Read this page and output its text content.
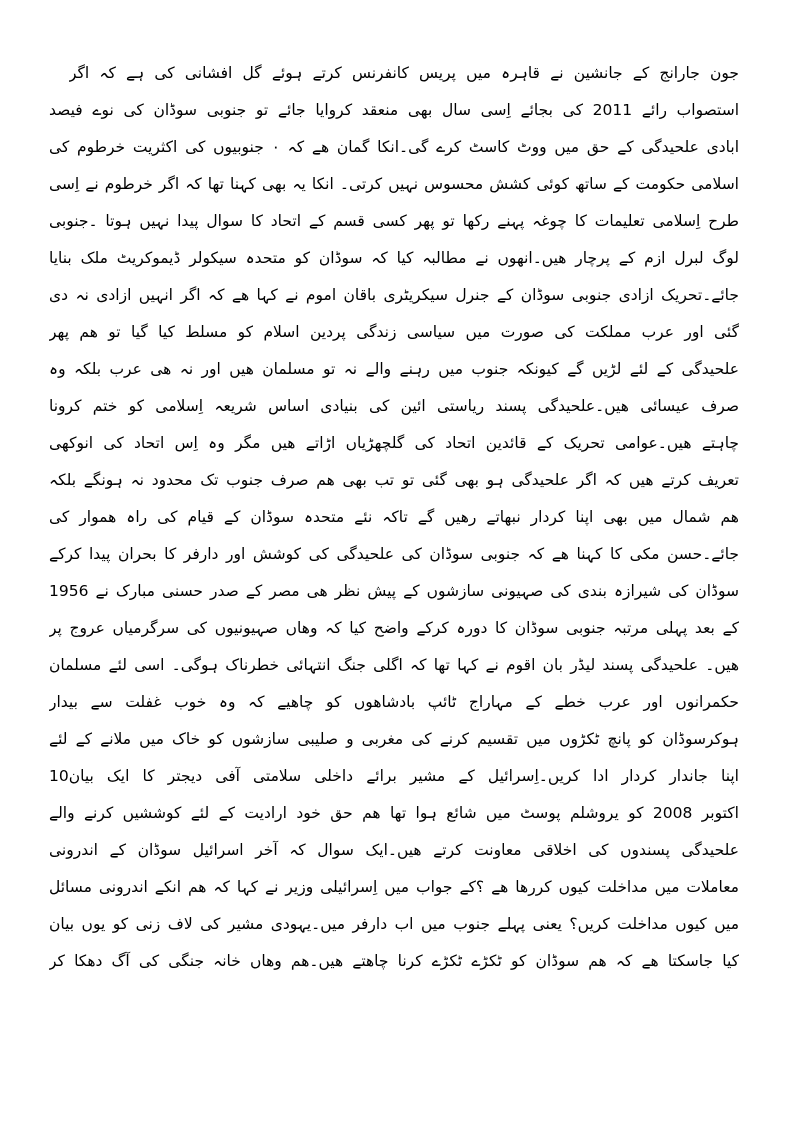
جون جارانج کے جانشین نے قاہرہ میں پریس کانفرنس کرتے ہوئے گل افشانی کی ہے کہ اگر
استصواب رائے 2011 کی بجائے اِسی سال بھی منعقد کروایا جائے تو جنوبی سوڈان کی نوے فیصد
ابادی علحیدگی کے حق میں ووٹ کاسٹ کرے گی۔انکا گمان ھے کہ ۰ جنوبیوں کی اکثریت خرطوم کی
اسلامی حکومت کے ساتھ کوئی کشش محسوس نہیں کرتی۔ انکا یہ بھی کہنا تھا کہ اگر خرطوم نے اِسی
طرح اِسلامی تعلیمات کا چوغہ پہنے رکھا تو پھر کسی قسم کے اتحاد کا سوال پیدا نہیں ہوتا ۔جنوبی
لوگ لبرل ازم کے پرچار ھیں۔انھوں نے مطالبہ کیا کہ سوڈان کو متحدہ سیکولر ڈیموکریٹ ملک بنایا
جائے۔تحریک ازادی جنوبی سوڈان کے جنرل سیکریٹری باقان اموم نے کہا ھے کہ اگر انہیں ازادی نہ دی
گئی اور عرب مملکت کی صورت میں سیاسی زندگی پردین اسلام کو مسلط کیا گیا تو ھم پھر
علحیدگی کے لئے لڑیں گے کیونکہ جنوب میں رہنے والے نہ تو مسلمان ھیں اور نہ ھی عرب بلکہ وہ
صرف عیسائی ھیں۔علحیدگی پسند ریاستی ائین کی بنیادی اساس شریعہ اِسلامی کو ختم کرونا
چاہتے ھیں۔عوامی تحریک کے قائدین اتحاد کی گلچھڑیاں اڑاتے ھیں مگر وہ اِس اتحاد کی انوکھی
تعریف کرتے ھیں کہ اگر علحیدگی ہو بھی گئی تو تب بھی ھم صرف جنوب تک محدود نہ ہونگے بلکہ
ھم شمال میں بھی اپنا کردار نبھاتے رھیں گے تاکہ نئے متحدہ سوڈان کے قیام کی راہ ھموار کی
جائے۔حسن مکی کا کہنا ھے کہ جنوبی سوڈان کی علحیدگی کی کوشش اور دارفر کا بحران پیدا کرکے
سوڈان کی شیرازہ بندی کی صہیونی سازشوں کے پیش نظر ھی مصر کے صدر حسنی مبارک نے 1956
کے بعد پہلی مرتبہ جنوبی سوڈان کا دورہ کرکے واضح کیا کہ وھاں صہیونیوں کی سرگرمیاں عروج پر
ھیں۔ علحیدگی پسند لیڈر بان اقوم نے کہا تھا کہ اگلی جنگ انتہائی خطرناک ہوگی۔ اسی لئے مسلمان
حکمرانوں اور عرب خطے کے مہاراج ٹائپ بادشاھوں کو چاھیے کہ وہ خوب غفلت سے بیدار
ہوکرسوڈان کو پانچ ٹکڑوں میں تقسیم کرنے کی مغربی و صلیبی سازشوں کو خاک میں ملانے کے لئے
اپنا جاندار کردار ادا کریں۔اِسرائیل کے مشیر برائے داخلی سلامتی آفی دیجتر کا ایک بیان10
اکتوبر 2008 کو یروشلم پوسٹ میں شائع ہوا تھا ھم حق خود ارادیت کے لئے کوششیں کرنے والے
علحیدگی پسندوں کی اخلاقی معاونت کرتے ھیں۔ایک سوال کہ آخر اسرائیل سوڈان کے اندرونی
معاملات میں مداخلت کیوں کررھا ھے ؟کے جواب میں اِسرائیلی وزیر نے کہا کہ ھم انکے اندرونی مسائل
میں کیوں مداخلت کریں؟ یعنی پہلے جنوب میں اب دارفر میں۔یہودی مشیر کی لاف زنی کو یوں بیان
کیا جاسکتا ھے کہ ھم سوڈان کو ٹکڑے ٹکڑے کرنا چاھتے ھیں۔ھم وھاں خانہ جنگی کی آگ دھکا کر
